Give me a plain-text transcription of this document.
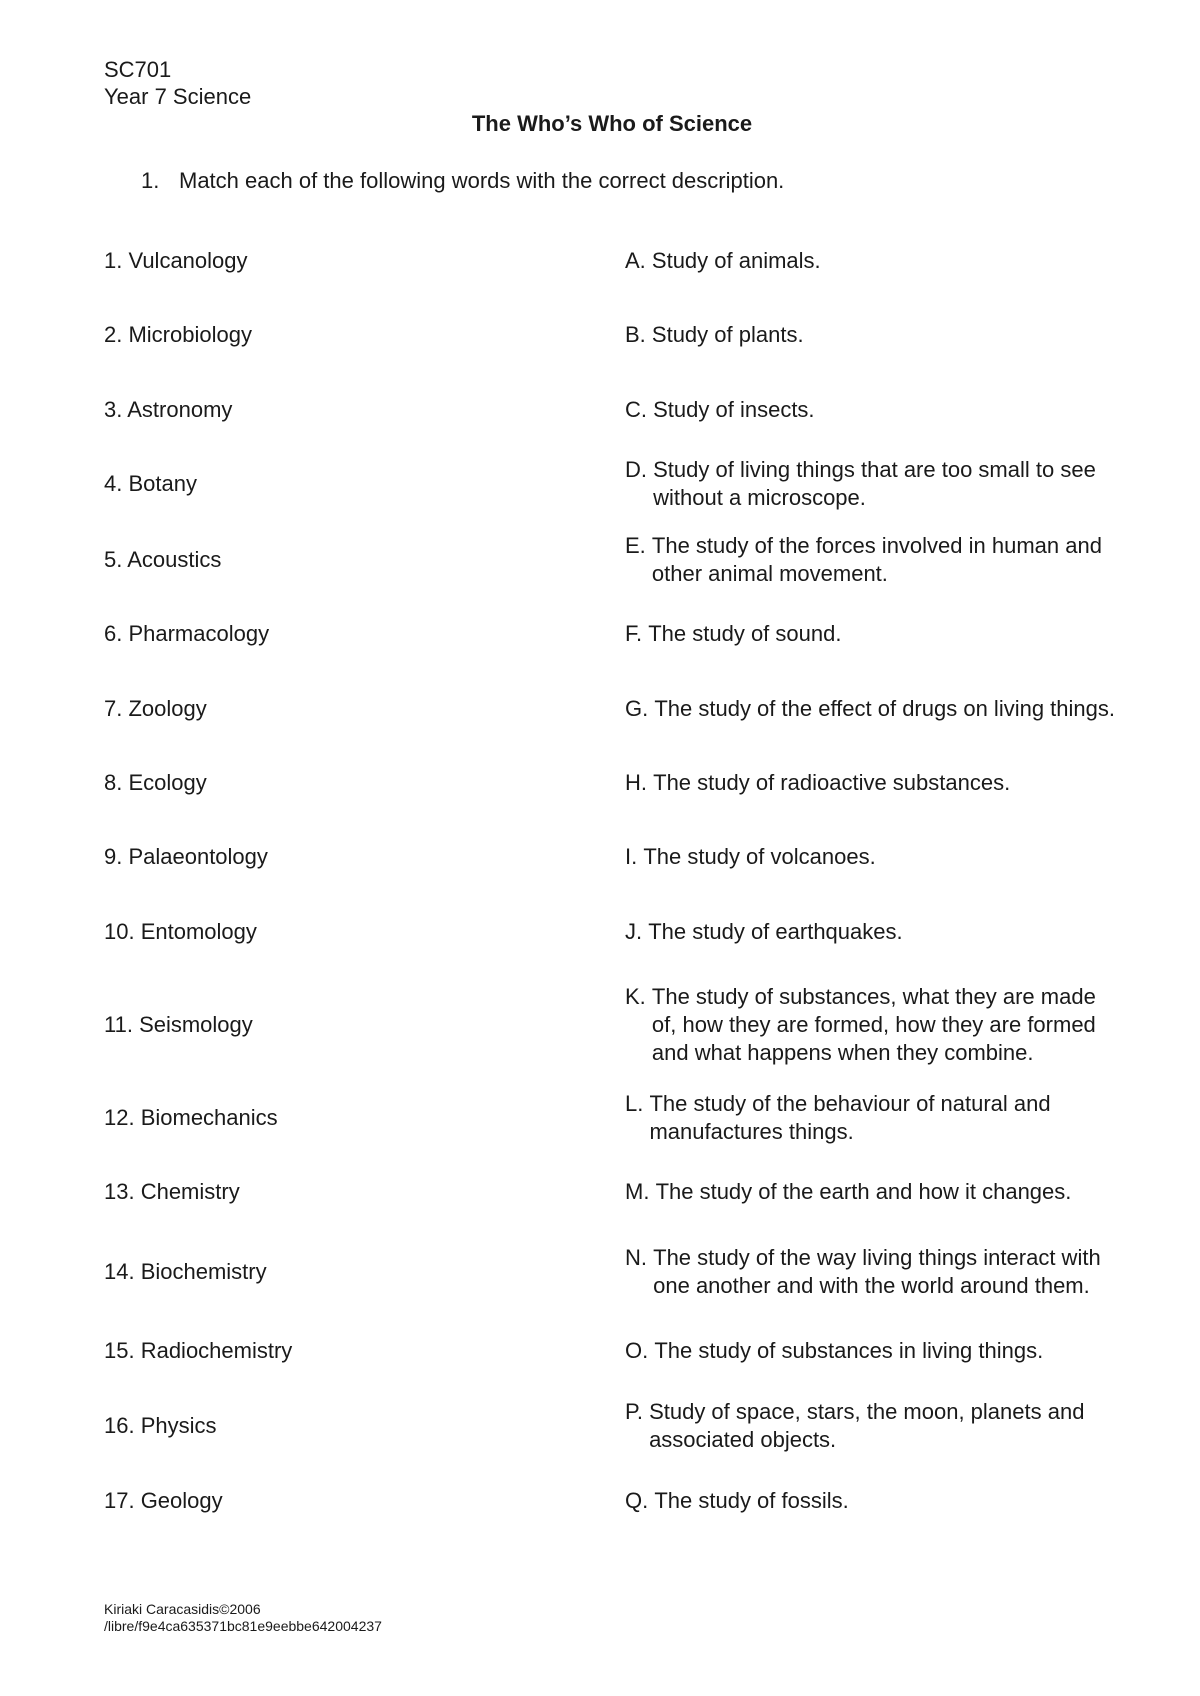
SC701
Year 7 Science
The Who’s Who of Science
1. Match each of the following words with the correct description.
1. Vulcanology	A. Study of animals.
2. Microbiology	B. Study of plants.
3. Astronomy	C. Study of insects.
4. Botany
D. Study of living things that are too small to see without a microscope.
5. Acoustics
E. The study of the forces involved in human and other animal movement.
6. Pharmacology	F. The study of sound.
7. Zoology	G. The study of the effect of drugs on living things.
8. Ecology	H. The study of radioactive substances.
9. Palaeontology	I. The study of volcanoes.
10. Entomology	J. The study of earthquakes.
11. Seismology
K. The study of substances, what they are made of, how they are formed, how they are formed and what happens when they combine.
12. Biomechanics
L. The study of the behaviour of natural and manufactures things.
13. Chemistry	M. The study of the earth and how it changes.
14. Biochemistry
N. The study of the way living things interact with one another and with the world around them.
15. Radiochemistry	O. The study of substances in living things.
16. Physics
P. Study of space, stars, the moon, planets and associated objects.
17. Geology	Q. The study of fossils.
Kiriaki Caracasidis©2006
/libre/f9e4ca635371bc81e9eebbe642004237
